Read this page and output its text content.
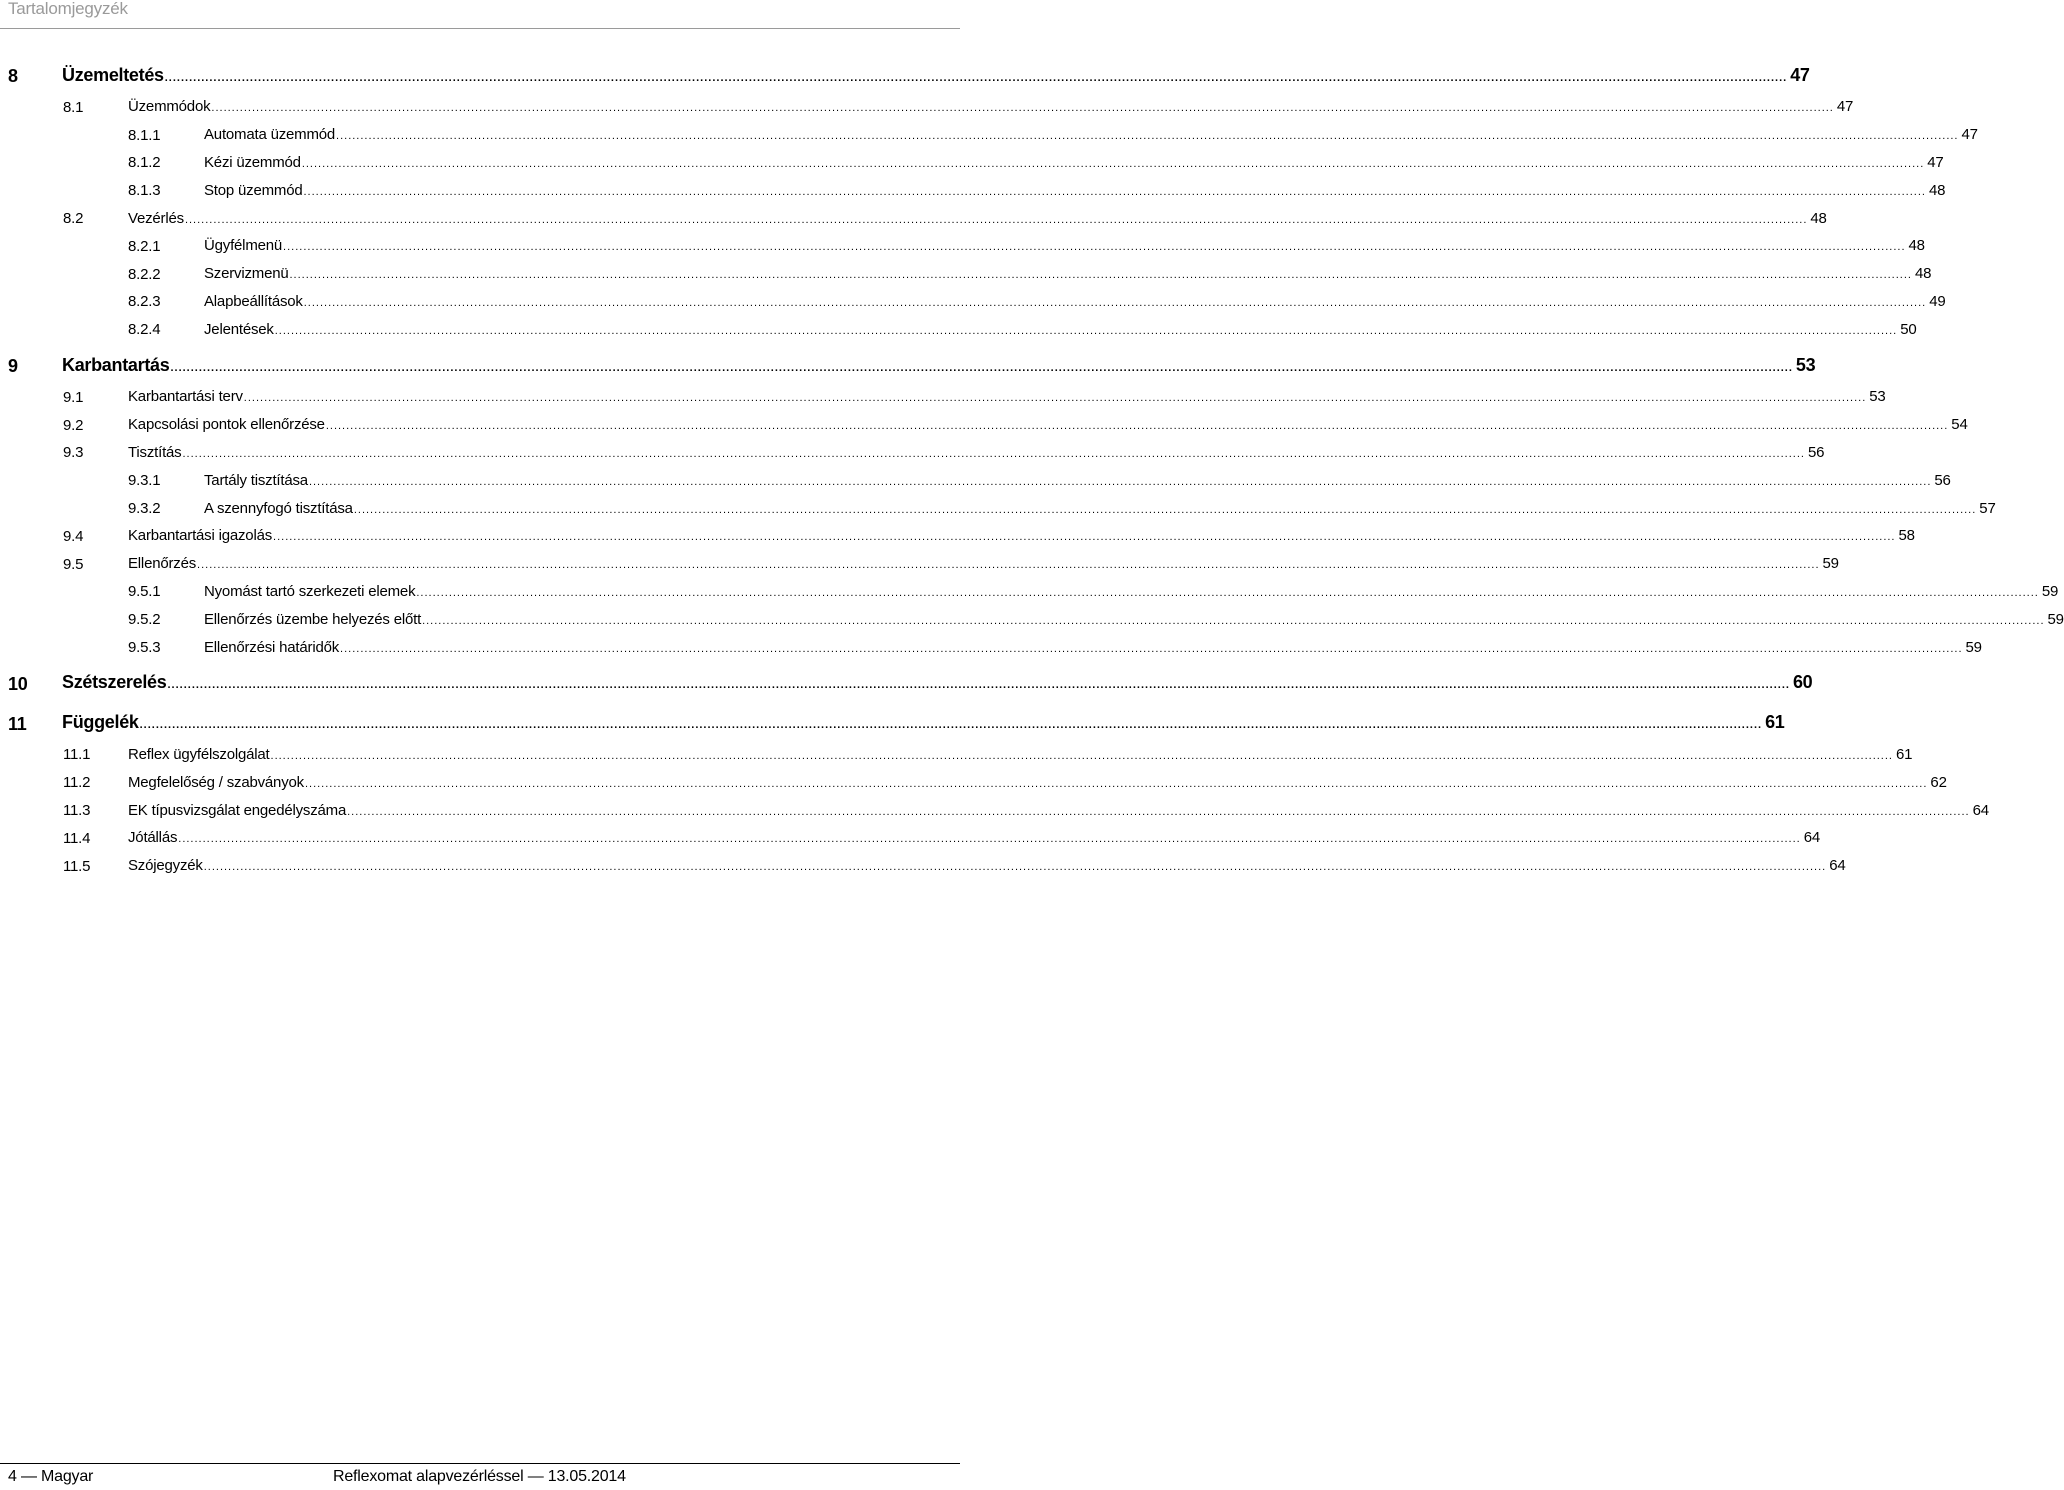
Tartalomjegyzék
8 Üzemeltetés ................................................................................................................................................................................................................................................................................................................................................................................................................ 47
8.1	Üzemmódok ................................................................................................................................................................................................................................................................................................................................................................................................................ 47
8.1.1	Automata üzemmód ................................................................................................................................................................................................................................................................................................................................................................................................................ 47
8.1.2	Kézi üzemmód ................................................................................................................................................................................................................................................................................................................................................................................................................ 47
8.1.3	Stop üzemmód ................................................................................................................................................................................................................................................................................................................................................................................................................ 48
8.2	Vezérlés ................................................................................................................................................................................................................................................................................................................................................................................................................ 48
8.2.1	Ügyfélmenü ................................................................................................................................................................................................................................................................................................................................................................................................................ 48
8.2.2	Szervizmenü ................................................................................................................................................................................................................................................................................................................................................................................................................ 48
8.2.3	Alapbeállítások ................................................................................................................................................................................................................................................................................................................................................................................................................ 49
8.2.4	Jelentések ................................................................................................................................................................................................................................................................................................................................................................................................................ 50
9 Karbantartás ................................................................................................................................................................................................................................................................................................................................................................................................................ 53
9.1	Karbantartási terv ................................................................................................................................................................................................................................................................................................................................................................................................................ 53
9.2	Kapcsolási pontok ellenőrzése ................................................................................................................................................................................................................................................................................................................................................................................................................ 54
9.3	Tisztítás ................................................................................................................................................................................................................................................................................................................................................................................................................ 56
9.3.1	Tartály tisztítása ................................................................................................................................................................................................................................................................................................................................................................................................................ 56
9.3.2	A szennyfogó tisztítása ................................................................................................................................................................................................................................................................................................................................................................................................................ 57
9.4	Karbantartási igazolás ................................................................................................................................................................................................................................................................................................................................................................................................................ 58
9.5	Ellenőrzés ................................................................................................................................................................................................................................................................................................................................................................................................................ 59
9.5.1	Nyomást tartó szerkezeti elemek ................................................................................................................................................................................................................................................................................................................................................................................................................ 59
9.5.2	Ellenőrzés üzembe helyezés előtt ................................................................................................................................................................................................................................................................................................................................................................................................................ 59
9.5.3	Ellenőrzési határidők ................................................................................................................................................................................................................................................................................................................................................................................................................ 59
10 Szétszerelés ................................................................................................................................................................................................................................................................................................................................................................................................................ 60
11 Függelék ................................................................................................................................................................................................................................................................................................................................................................................................................ 61
11.1	Reflex ügyfélszolgálat ................................................................................................................................................................................................................................................................................................................................................................................................................ 61
11.2	Megfelelőség / szabványok ................................................................................................................................................................................................................................................................................................................................................................................................................ 62
11.3	EK típusvizsgálat engedélyszáma ................................................................................................................................................................................................................................................................................................................................................................................................................ 64
11.4	Jótállás ................................................................................................................................................................................................................................................................................................................................................................................................................ 64
11.5	Szójegyzék ................................................................................................................................................................................................................................................................................................................................................................................................................ 64
4 — Magyar	Reflexomat alapvezérléssel — 13.05.2014
